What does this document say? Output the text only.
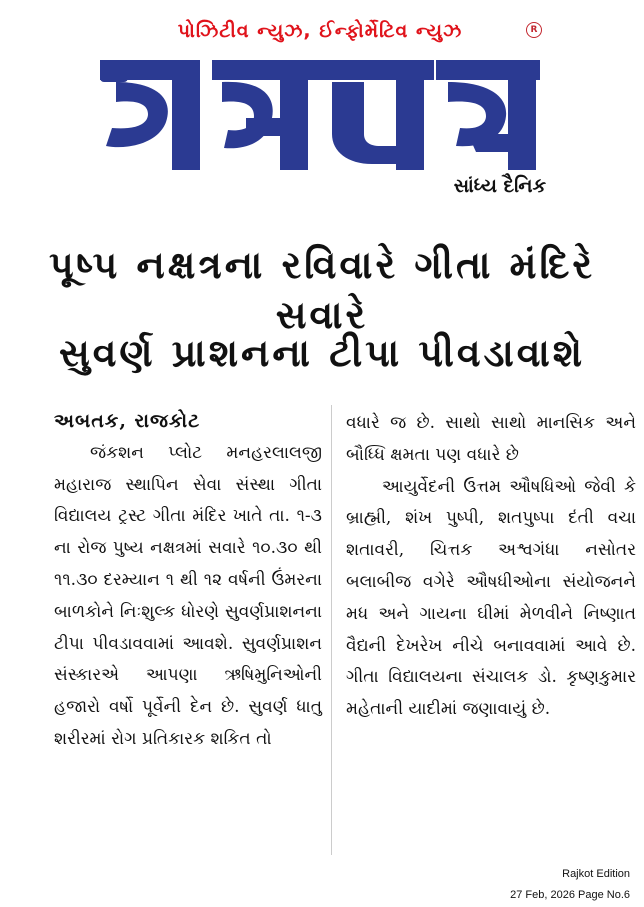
પોઝિટીવ ન્યુઝ, ઈન્ફોર્મેટિવ ન્યુઝ	R
અબતક
સાંધ્ય દૈનિક
પૂષ્પ નક્ષત્રના રવિવારે ગીતા મંદિરે સવારે
સુવર્ણ પ્રાશનના ટીપા પીવડાવાશે

અબતક, રાજકોટ

જંકશન પ્લોટ મનહરલાલજી મહારાજ સ્થાપિન સેવા સંસ્થા ગીતા વિદ્યાલય ટ્રસ્ટ ગીતા મંદિર ખાતે તા. ૧-૩ ના રોજ પુષ્ય નક્ષત્રમાં સવારે ૧૦.૩૦ થી ૧૧.૩૦ દરમ્યાન ૧ થી ૧૨ વર્ષની ઉંમરના બાળકોને નિઃશુલ્ક ધોરણે સુવર્ણપ્રાશનના ટીપા પીવડાવવામાં આવશે. સુવર્ણપ્રાશન સંસ્કારએ આપણા ઋષિમુનિઓની હજારો વર્ષો પૂર્વેની દેન છે. સુવર્ણ ધાતુ શરીરમાં રોગ પ્રતિકારક શકિત તો

વધારે જ છે. સાથો સાથો માનસિક અને બૌધ્ધિ ક્ષમતા પણ વધારે છે

આયુર્વેદની ઉત્તમ ઔષધિઓ જેવી કે બ્રાહ્મી, શંખ પુષ્પી, શતપુષ્પા દંતી વચા શતાવરી, ચિત્તક અશ્વગંધા નસોતર બલાબીજ વગેરે ઔષધીઓના સંયોજનને મધ અને ગાયના ઘીમાં મેળવીને નિષ્ણાત વૈદ્યની દેખરેખ નીચે બનાવવામાં આવે છે. ગીતા વિદ્યાલયના સંચાલક ડો. કૃષ્ણકુમાર મહેતાની યાદીમાં જણાવાયું છે.

Rajkot Edition
27 Feb, 2026 Page No.6
